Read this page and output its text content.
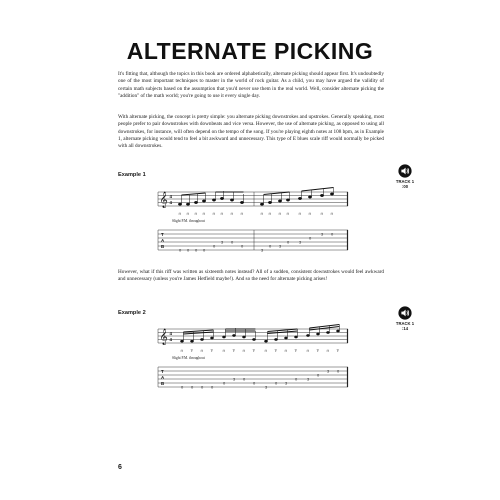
ALTERNATE PICKING

It's fitting that, although the topics in this book are ordered alphabetically, alternate picking should appear first. It's undoubtedly one of the most important techniques to master in the world of rock guitar. As a child, you may have argued the validity of certain math subjects based on the assumption that you'd never use them in the real world. Well, consider alternate picking the "addition" of the math world; you're going to use it every single day.

With alternate picking, the concept is pretty simple: you alternate picking downstrokes and upstrokes. Generally speaking, most people prefer to pair downstrokes with downbeats and vice versa. However, the use of alternate picking, as opposed to using all downstrokes, for instance, will often depend on the tempo of the song. If you're playing eighth notes at 108 bpm, as in Example 1, alternate picking would tend to feel a bit awkward and unnecessary. This type of E blues scale riff would normally be picked with all downstrokes.

Example 1
TRACK 1
:00
𝄞 4
4
⊓ ⊓ ⊓ ⊓ ⊓ ⊓ ⊓ ⊓	⊓ ⊓ ⊓ ⊓	⊓ ⊓	⊓ ⊓
Slight P.M. throughout
T
A
B
0 0 0 0
0
3 0
0
3
0 3
0 3
0
3 0

However, what if this riff was written as sixteenth notes instead? All of a sudden, consistent downstrokes would feel awkward and unnecessary (unless you're James Hetfield maybe!). And so the need for alternate picking arises!

Example 2
TRACK 1
:14
𝄞 4
4
⊓ V ⊓ V	⊓ V ⊓ V	⊓ V ⊓ V	⊓ V ⊓ V
Slight P.M. throughout
T
A
B
0 0 0 0
0
3 0
0
3
0 3
0 3
0
3 0
6
